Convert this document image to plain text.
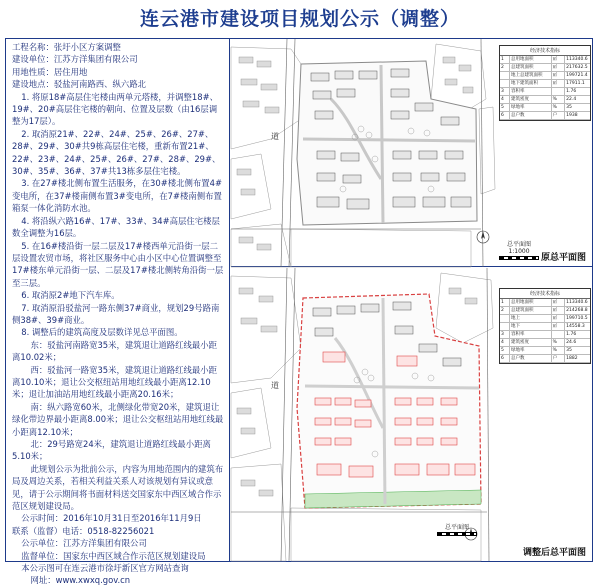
连云港市建设项目规划公示（调整）

工程名称：张圩小区方案调整

建设单位：江苏方洋集团有限公司

用地性质：居住用地

建设地点：驳盐河南路西、纵六路北

1. 将原18#高层住宅楼由两单元塔楼，并调整18#、19#、20#高层住宅楼的朝向、位置及层数（由16层调整为17层）。

2. 取消原21#、22#、24#、25#、26#、27#、28#、29#、30#共9栋高层住宅楼，重新布置21#、22#、23#、24#、25#、26#、27#、28#、29#、30#、35#、36#、37#共13栋多层住宅楼。

3. 在27#楼北侧布置生活服务，在30#楼北侧布置4#变电所，在37#楼南侧布置3#变电所，在7#楼南侧布置箱泵一体化消防水池。

4. 将沿纵六路16#、17#、33#、34#高层住宅楼层数全调整为16层。

5. 在16#楼沿街一层二层及17#楼西单元沿街一层二层设置农贸市场，将社区服务中心由小区中心位置调整至17#楼东单元沿街一层、二层及17#楼北侧转角沿街一层至三层。

6. 取消原2#地下汽车库。

7. 取消原沿驳盐河一路东侧37#商业，规划29号路南侧38#、39#商业。

8. 调整后的建筑高度及层数详见总平面图。

东：驳盐河南路宽35米，建筑退让道路红线最小距离10.02米；

西：驳盐河一路宽35米，建筑退让道路红线最小距离10.10米；退让公交枢纽站用地红线最小距离12.10米；退让加油站用地红线最小距离20.16米；

南：纵六路宽60米，北侧绿化带宽20米，建筑退让绿化带边界最小距离8.00米；退让公交枢纽站用地红线最小距离12.10米；

北：29号路宽24米，建筑退让道路红线最小距离5.10米；

此规划公示为批前公示，内容为用地范围内的建筑布局及周边关系，若相关利益关系人对该规划有异议或意见，请于公示期间将书面材料送交国家东中西区域合作示范区规划建设局。

公示时间：2016年10月31日至2016年11月9日

联系（监督）电话：0518-82256021

公示单位：江苏方洋集团有限公司

监督单位：国家东中西区域合作示范区规划建设局

本公示图可在连云港市徐圩新区官方网站查询

网址：www.xwxq.gov.cn

道
经济技术指标
1	总用地面积	㎡	113340.6
2	总建筑面积	㎡	217632.5
地上总建筑面积	㎡	199721.4
地下建筑面积	㎡	17911.1
3	容积率	1.76
4	建筑密度	%	22.4
5	绿地率	%	35
6	总户数	户	1938
总平面图 1:1000
原总平面图
道
经济技术指标
1	总用地面积	㎡	113340.6
2	总建筑面积	㎡	214268.8
地上	㎡	199710.5
地下	㎡	14558.3
3	容积率	1.76
4	建筑密度	%	24.6
5	绿地率	%	35
6	总户数	户	1882
总平面图
调整后总平面图
